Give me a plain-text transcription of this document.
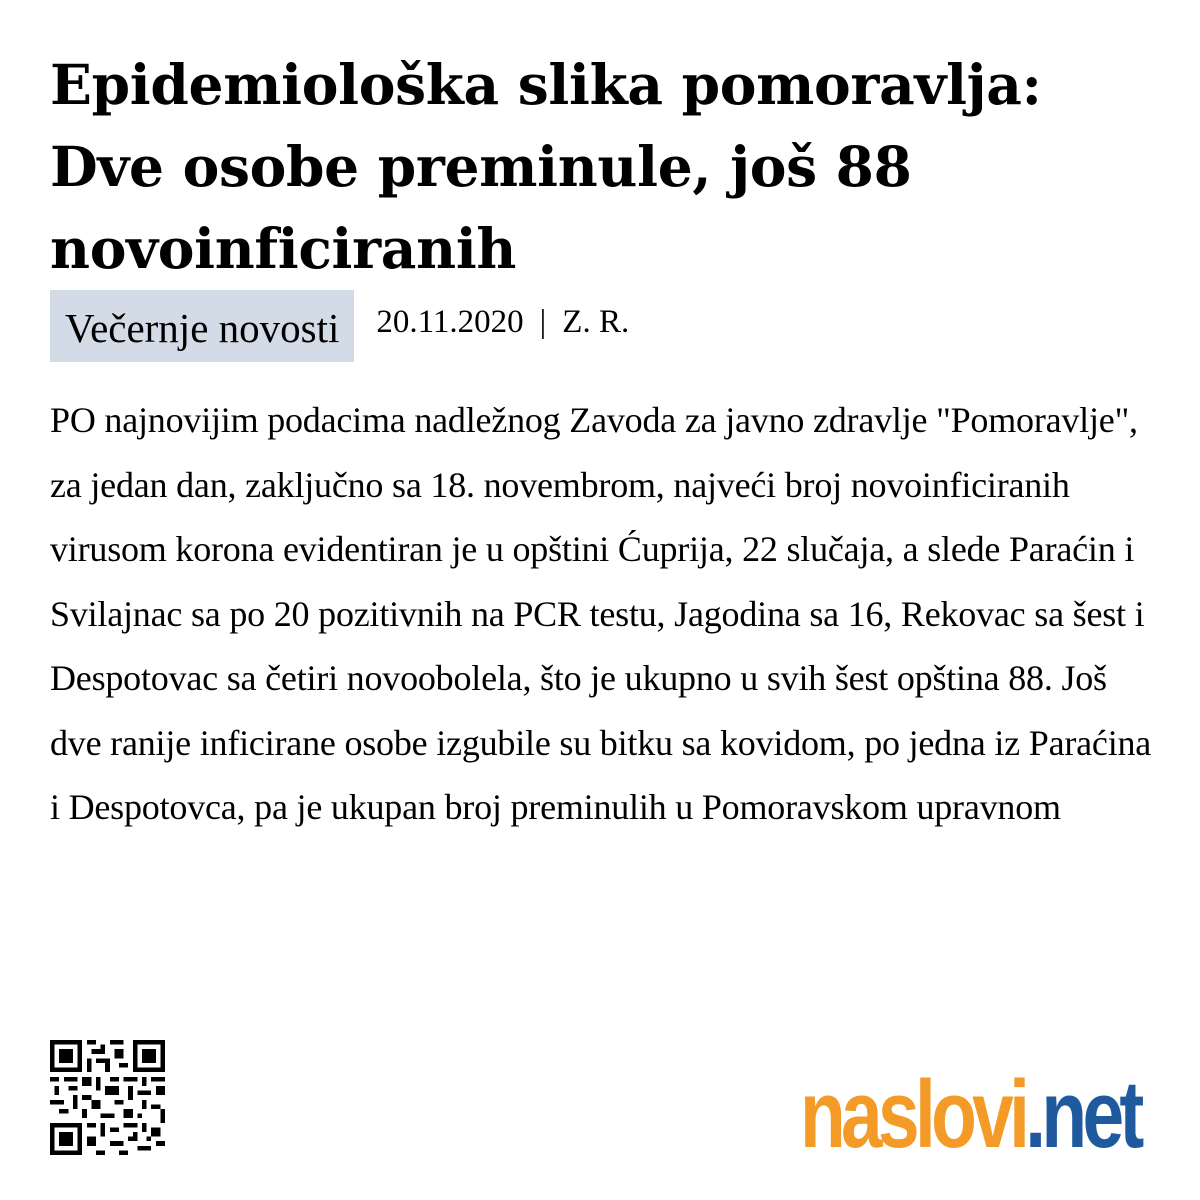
Epidemiološka slika pomoravlja: Dve osobe preminule, još 88 novoinficiranih
Večernje novosti	20.11.2020 | Z. R.

PO najnovijim podacima nadležnog Zavoda za javno zdravlje "Pomoravlje", za jedan dan, zaključno sa 18. novembrom, najveći broj novoinficiranih virusom korona evidentiran je u opštini Ćuprija, 22 slučaja, a slede Paraćin i Svilajnac sa po 20 pozitivnih na PCR testu, Jagodina sa 16, Rekovac sa šest i Despotovac sa četiri novoobolela, što je ukupno u svih šest opština 88. Još dve ranije inficirane osobe izgubile su bitku sa kovidom, po jedna iz Paraćina i Despotovca, pa je ukupan broj preminulih u Pomoravskom upravnom

naslovi.net
